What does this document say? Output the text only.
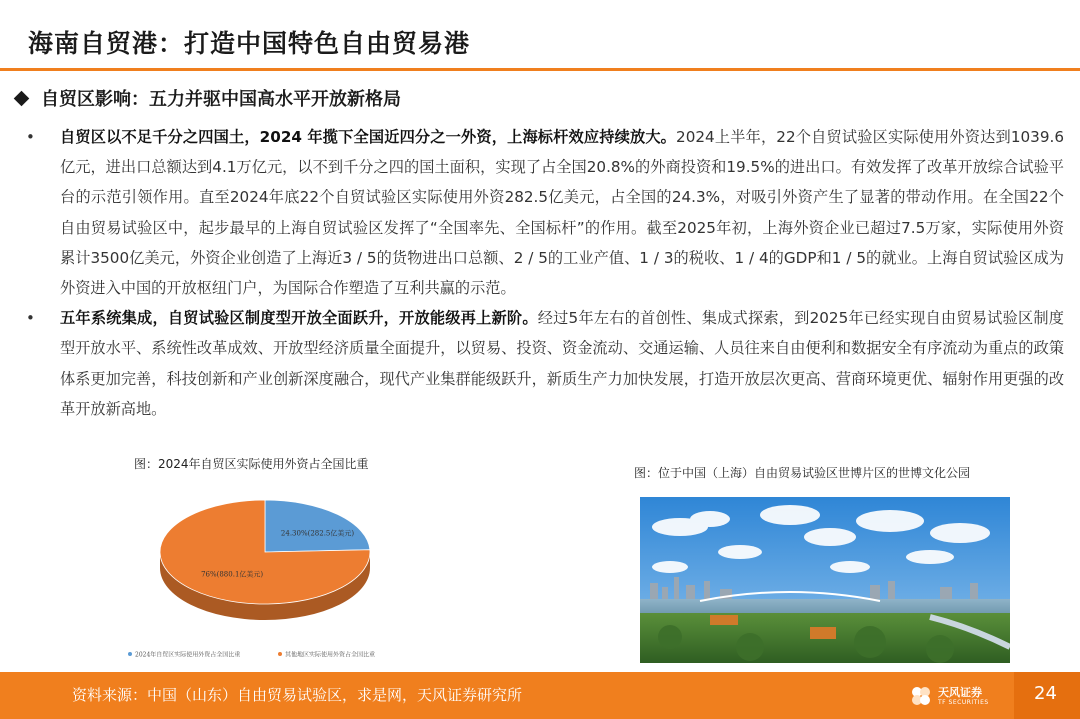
海南自贸港：打造中国特色自由贸易港
自贸区影响：五力并驱中国高水平开放新格局
• 自贸区以不足千分之四国土，2024 年揽下全国近四分之一外资，上海标杆效应持续放大。2024上半年，22个自贸试验区实际使用外资达到1039.6亿元，进出口总额达到4.1万亿元，以不到千分之四的国土面积，实现了占全国20.8%的外商投资和19.5%的进出口。有效发挥了改革开放综合试验平台的示范引领作用。直至2024年底22个自贸试验区实际使用外资282.5亿美元，占全国的24.3%，对吸引外资产生了显著的带动作用。在全国22个自由贸易试验区中，起步最早的上海自贸试验区发挥了“全国率先、全国标杆”的作用。截至2025年初，上海外资企业已超过7.5万家，实际使用外资累计3500亿美元，外资企业创造了上海近3 / 5的货物进出口总额、2 / 5的工业产值、1 / 3的税收、1 / 4的GDP和1 / 5的就业。上海自贸试验区成为外资进入中国的开放枢纽门户，为国际合作塑造了互利共赢的示范。
• 五年系统集成，自贸试验区制度型开放全面跃升，开放能级再上新阶。经过5年左右的首创性、集成式探索，到2025年已经实现自由贸易试验区制度型开放水平、系统性改革成效、开放型经济质量全面提升，以贸易、投资、资金流动、交通运输、人员往来自由便利和数据安全有序流动为重点的政策体系更加完善，科技创新和产业创新深度融合，现代产业集群能级跃升，新质生产力加快发展，打造开放层次更高、营商环境更优、辐射作用更强的改革开放新高地。
图：2024年自贸区实际使用外资占全国比重
图：位于中国（上海）自由贸易试验区世博片区的世博文化公园
24.30%(282.5亿美元)
76%(880.1亿美元)
2024年自贸区实际使用外资占全国比重	其他地区实际使用外资占全国比重
资料来源：中国（山东）自由贸易试验区，求是网，天风证券研究所	天风证券
TF SECURITIES	24
